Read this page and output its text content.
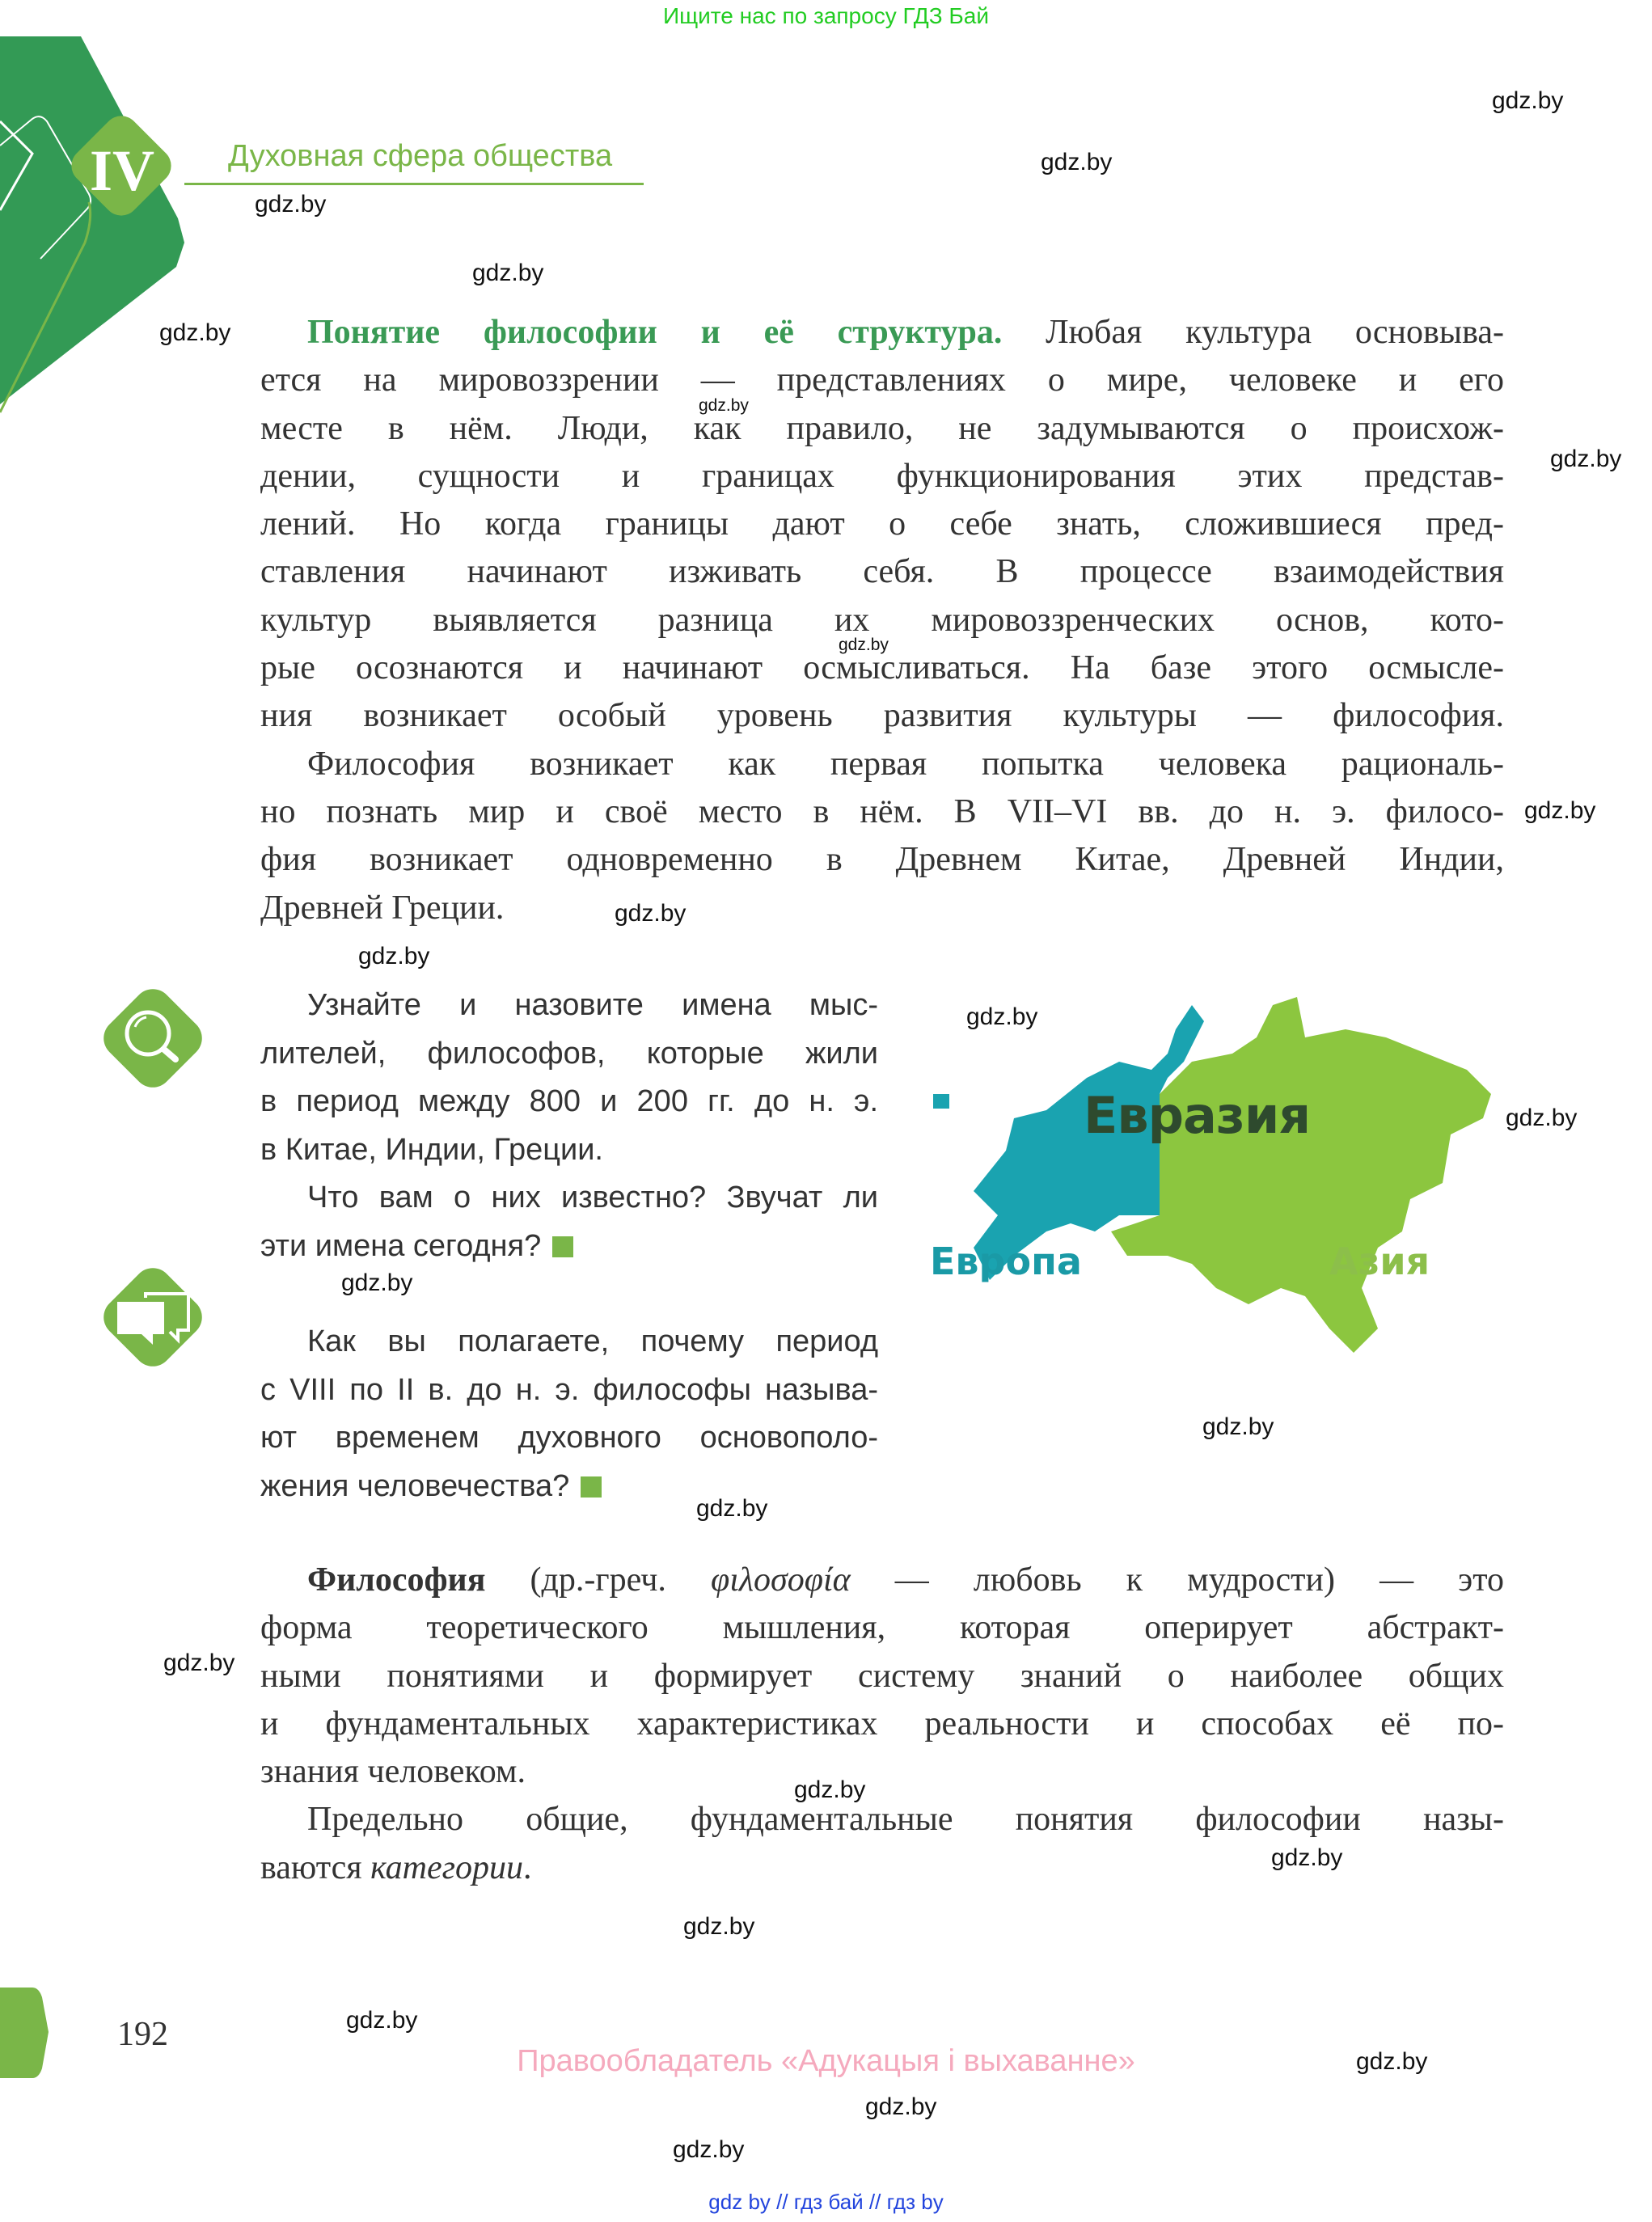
Ищите нас по запросу ГДЗ Бай
IV Духовная сфера общества
Понятие философии и её структура. Любая культура основыва-
ется на мировоззрении — представлениях о мире, человеке и его
месте в нём. Люди, как правило, не задумываются о происхож-
дении, сущности и границах функционирования этих представ-
лений. Но когда границы дают о себе знать, сложившиеся пред-
ставления начинают изживать себя. В процессе взаимодействия
культур выявляется разница их мировоззренческих основ, кото-
рые осознаются и начинают осмысливаться. На базе этого осмысле-
ния возникает особый уровень развития культуры — философия.
Философия возникает как первая попытка человека рациональ-
но познать мир и своё место в нём. В VII–VI вв. до н. э. филосо-
фия возникает одновременно в Древнем Китае, Древней Индии,
Древней Греции.
Узнайте и назовите имена мыс-
лителей, философов, которые жили
в период между 800 и 200 гг. до н. э.
в Китае, Индии, Греции.
Что вам о них известно? Звучат ли
эти имена сегодня?
Как вы полагаете, почему период
с VIII по II в. до н. э. философы называ-
ют временем духовного основополо-
жения человечества?
Евразия
Европа	Азия
Философия (др.-греч. φιλοσοφία — любовь к мудрости) — это
форма теоретического мышления, которая оперирует абстракт-
ными понятиями и формирует систему знаний о наиболее общих
и фундаментальных характеристиках реальности и способах её по-
знания человеком.
Предельно общие, фундаментальные понятия философии назы-
ваются категории.
192
Правообладатель «Адукацыя і выхаванне»
gdz by // гдз бай // гдз by
gdz.by
gdz.by
gdz.by
gdz.by
gdz.by
gdz.by
gdz.by
gdz.by
gdz.by
gdz.by
gdz.by
gdz.by
gdz.by
gdz.by
gdz.by
gdz.by
gdz.by
gdz.by
gdz.by
gdz.by
gdz.by
gdz.by
gdz.by
gdz.by
